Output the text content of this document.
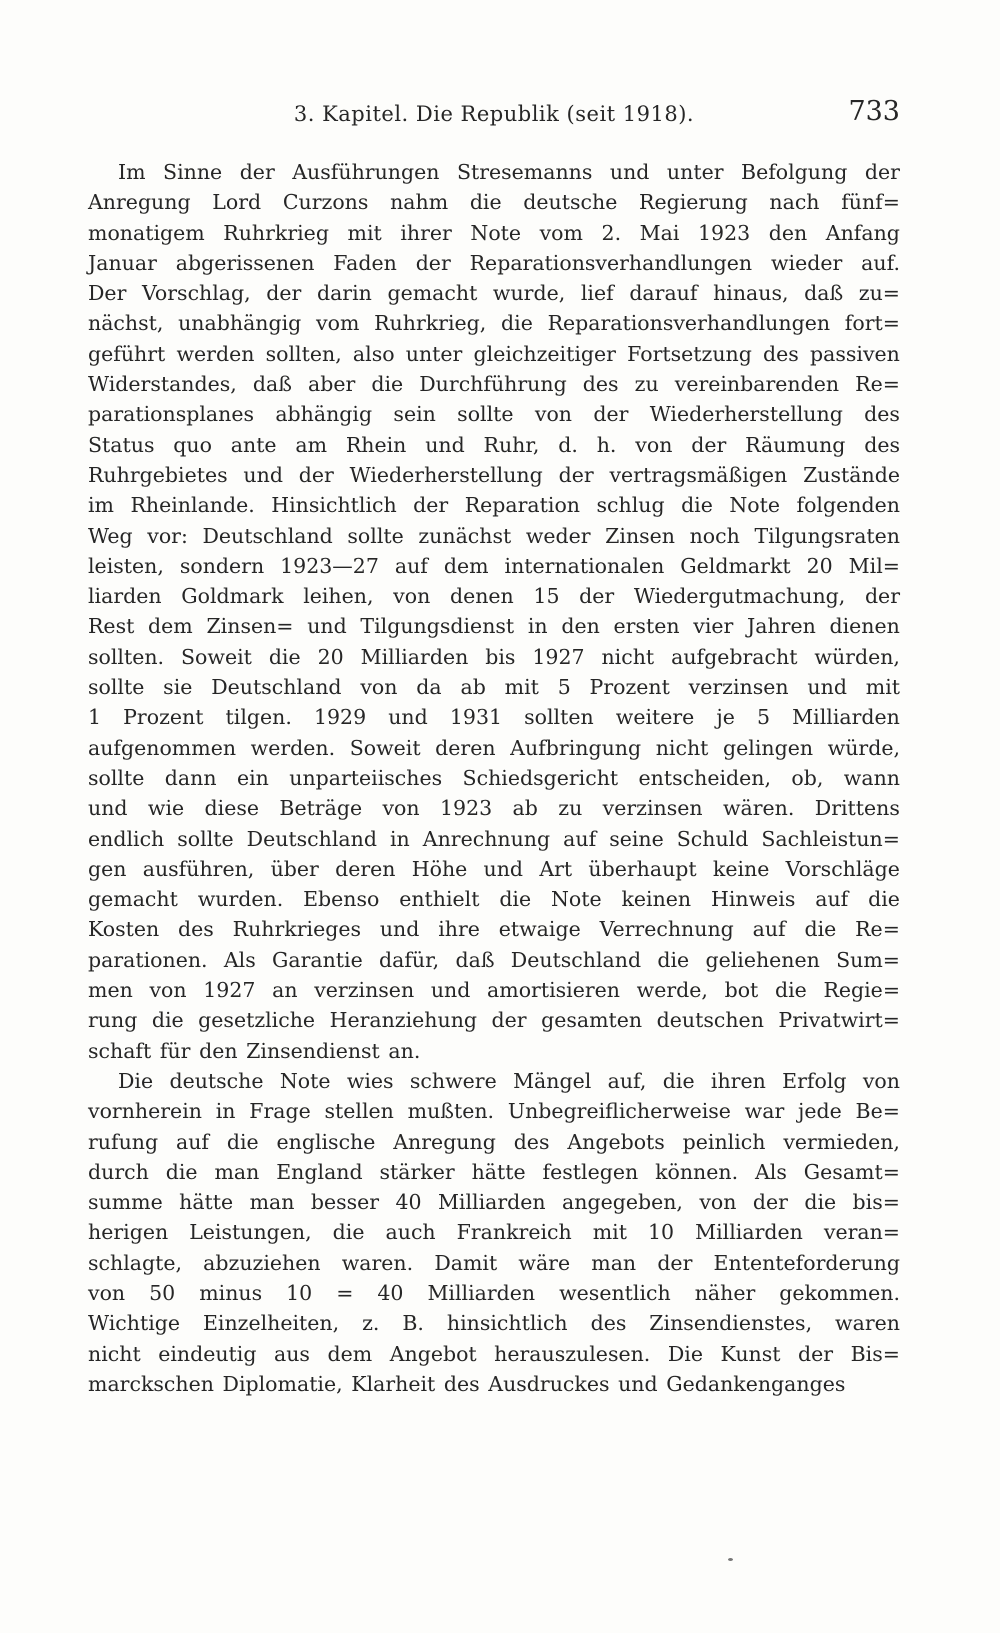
3. Kapitel. Die Republik (seit 1918).	733
Im Sinne der Ausführungen Stresemanns und unter Befolgung der
Anregung Lord Curzons nahm die deutsche Regierung nach fünf=
monatigem Ruhrkrieg mit ihrer Note vom 2. Mai 1923 den Anfang
Januar abgerissenen Faden der Reparationsverhandlungen wieder auf.
Der Vorschlag, der darin gemacht wurde, lief darauf hinaus, daß zu=
nächst, unabhängig vom Ruhrkrieg, die Reparationsverhandlungen fort=
geführt werden sollten, also unter gleichzeitiger Fortsetzung des passiven
Widerstandes, daß aber die Durchführung des zu vereinbarenden Re=
parationsplanes abhängig sein sollte von der Wiederherstellung des
Status quo ante am Rhein und Ruhr, d. h. von der Räumung des
Ruhrgebietes und der Wiederherstellung der vertragsmäßigen Zustände
im Rheinlande. Hinsichtlich der Reparation schlug die Note folgenden
Weg vor: Deutschland sollte zunächst weder Zinsen noch Tilgungsraten
leisten, sondern 1923—27 auf dem internationalen Geldmarkt 20 Mil=
liarden Goldmark leihen, von denen 15 der Wiedergutmachung, der
Rest dem Zinsen= und Tilgungsdienst in den ersten vier Jahren dienen
sollten. Soweit die 20 Milliarden bis 1927 nicht aufgebracht würden,
sollte sie Deutschland von da ab mit 5 Prozent verzinsen und mit
1 Prozent tilgen. 1929 und 1931 sollten weitere je 5 Milliarden
aufgenommen werden. Soweit deren Aufbringung nicht gelingen würde,
sollte dann ein unparteiisches Schiedsgericht entscheiden, ob, wann
und wie diese Beträge von 1923 ab zu verzinsen wären. Drittens
endlich sollte Deutschland in Anrechnung auf seine Schuld Sachleistun=
gen ausführen, über deren Höhe und Art überhaupt keine Vorschläge
gemacht wurden. Ebenso enthielt die Note keinen Hinweis auf die
Kosten des Ruhrkrieges und ihre etwaige Verrechnung auf die Re=
parationen. Als Garantie dafür, daß Deutschland die geliehenen Sum=
men von 1927 an verzinsen und amortisieren werde, bot die Regie=
rung die gesetzliche Heranziehung der gesamten deutschen Privatwirt=
schaft für den Zinsendienst an.
Die deutsche Note wies schwere Mängel auf, die ihren Erfolg von
vornherein in Frage stellen mußten. Unbegreiflicherweise war jede Be=
rufung auf die englische Anregung des Angebots peinlich vermieden,
durch die man England stärker hätte festlegen können. Als Gesamt=
summe hätte man besser 40 Milliarden angegeben, von der die bis=
herigen Leistungen, die auch Frankreich mit 10 Milliarden veran=
schlagte, abzuziehen waren. Damit wäre man der Ententeforderung
von 50 minus 10 = 40 Milliarden wesentlich näher gekommen.
Wichtige Einzelheiten, z. B. hinsichtlich des Zinsendienstes, waren
nicht eindeutig aus dem Angebot herauszulesen. Die Kunst der Bis=
marckschen Diplomatie, Klarheit des Ausdruckes und Gedankenganges
